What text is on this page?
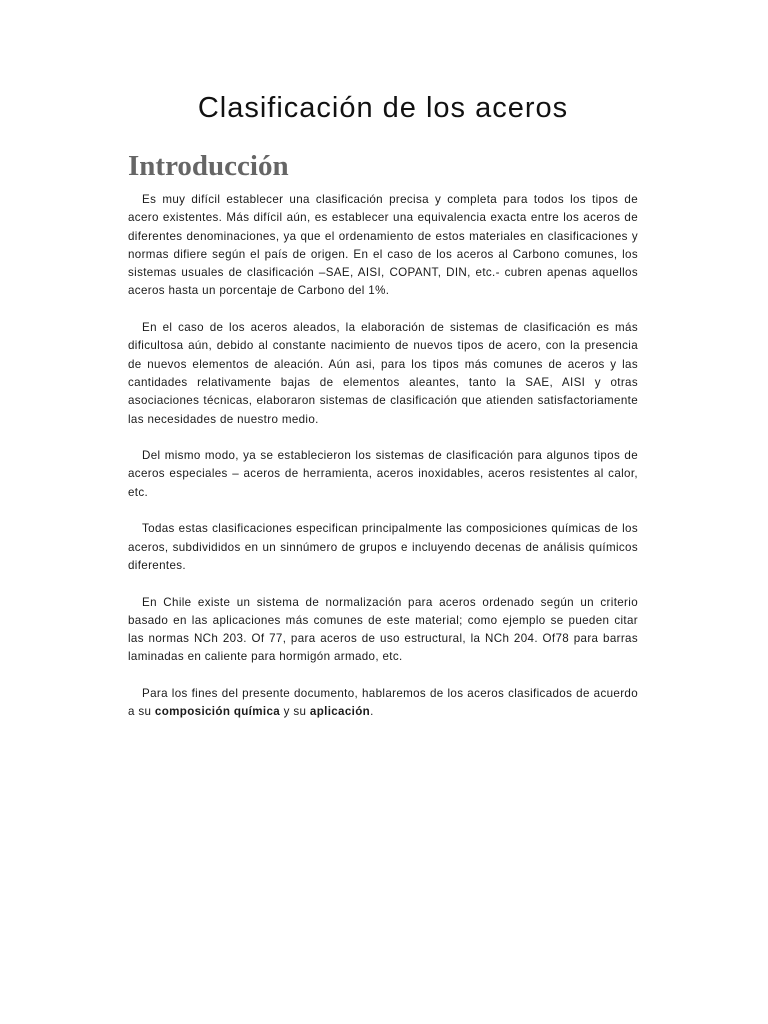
Clasificación de los aceros
Introducción

Es muy difícil establecer una clasificación precisa y completa para todos los tipos de acero existentes. Más difícil aún, es establecer una equivalencia exacta entre los aceros de diferentes denominaciones, ya que el ordenamiento de estos materiales en clasificaciones y normas difiere según el país de origen. En el caso de los aceros al Carbono comunes, los sistemas usuales de clasificación –SAE, AISI, COPANT, DIN, etc.- cubren apenas aquellos aceros hasta un porcentaje de Carbono del 1%.

En el caso de los aceros aleados, la elaboración de sistemas de clasificación es más dificultosa aún, debido al constante nacimiento de nuevos tipos de acero, con la presencia de nuevos elementos de aleación. Aún asi, para los tipos más comunes de aceros y las cantidades relativamente bajas de elementos aleantes, tanto la SAE, AISI y otras asociaciones técnicas, elaboraron sistemas de clasificación que atienden satisfactoriamente las necesidades de nuestro medio.

Del mismo modo, ya se establecieron los sistemas de clasificación para algunos tipos de aceros especiales – aceros de herramienta, aceros inoxidables, aceros resistentes al calor, etc.

Todas estas clasificaciones especifican principalmente las composiciones químicas de los aceros, subdivididos en un sinnúmero de grupos e incluyendo decenas de análisis químicos diferentes.

En Chile existe un sistema de normalización para aceros ordenado según un criterio basado en las aplicaciones más comunes de este material; como ejemplo se pueden citar las normas NCh 203. Of 77, para aceros de uso estructural, la NCh 204. Of78 para barras laminadas en caliente para hormigón armado, etc.

Para los fines del presente documento, hablaremos de los aceros clasificados de acuerdo a su composición química y su aplicación.
